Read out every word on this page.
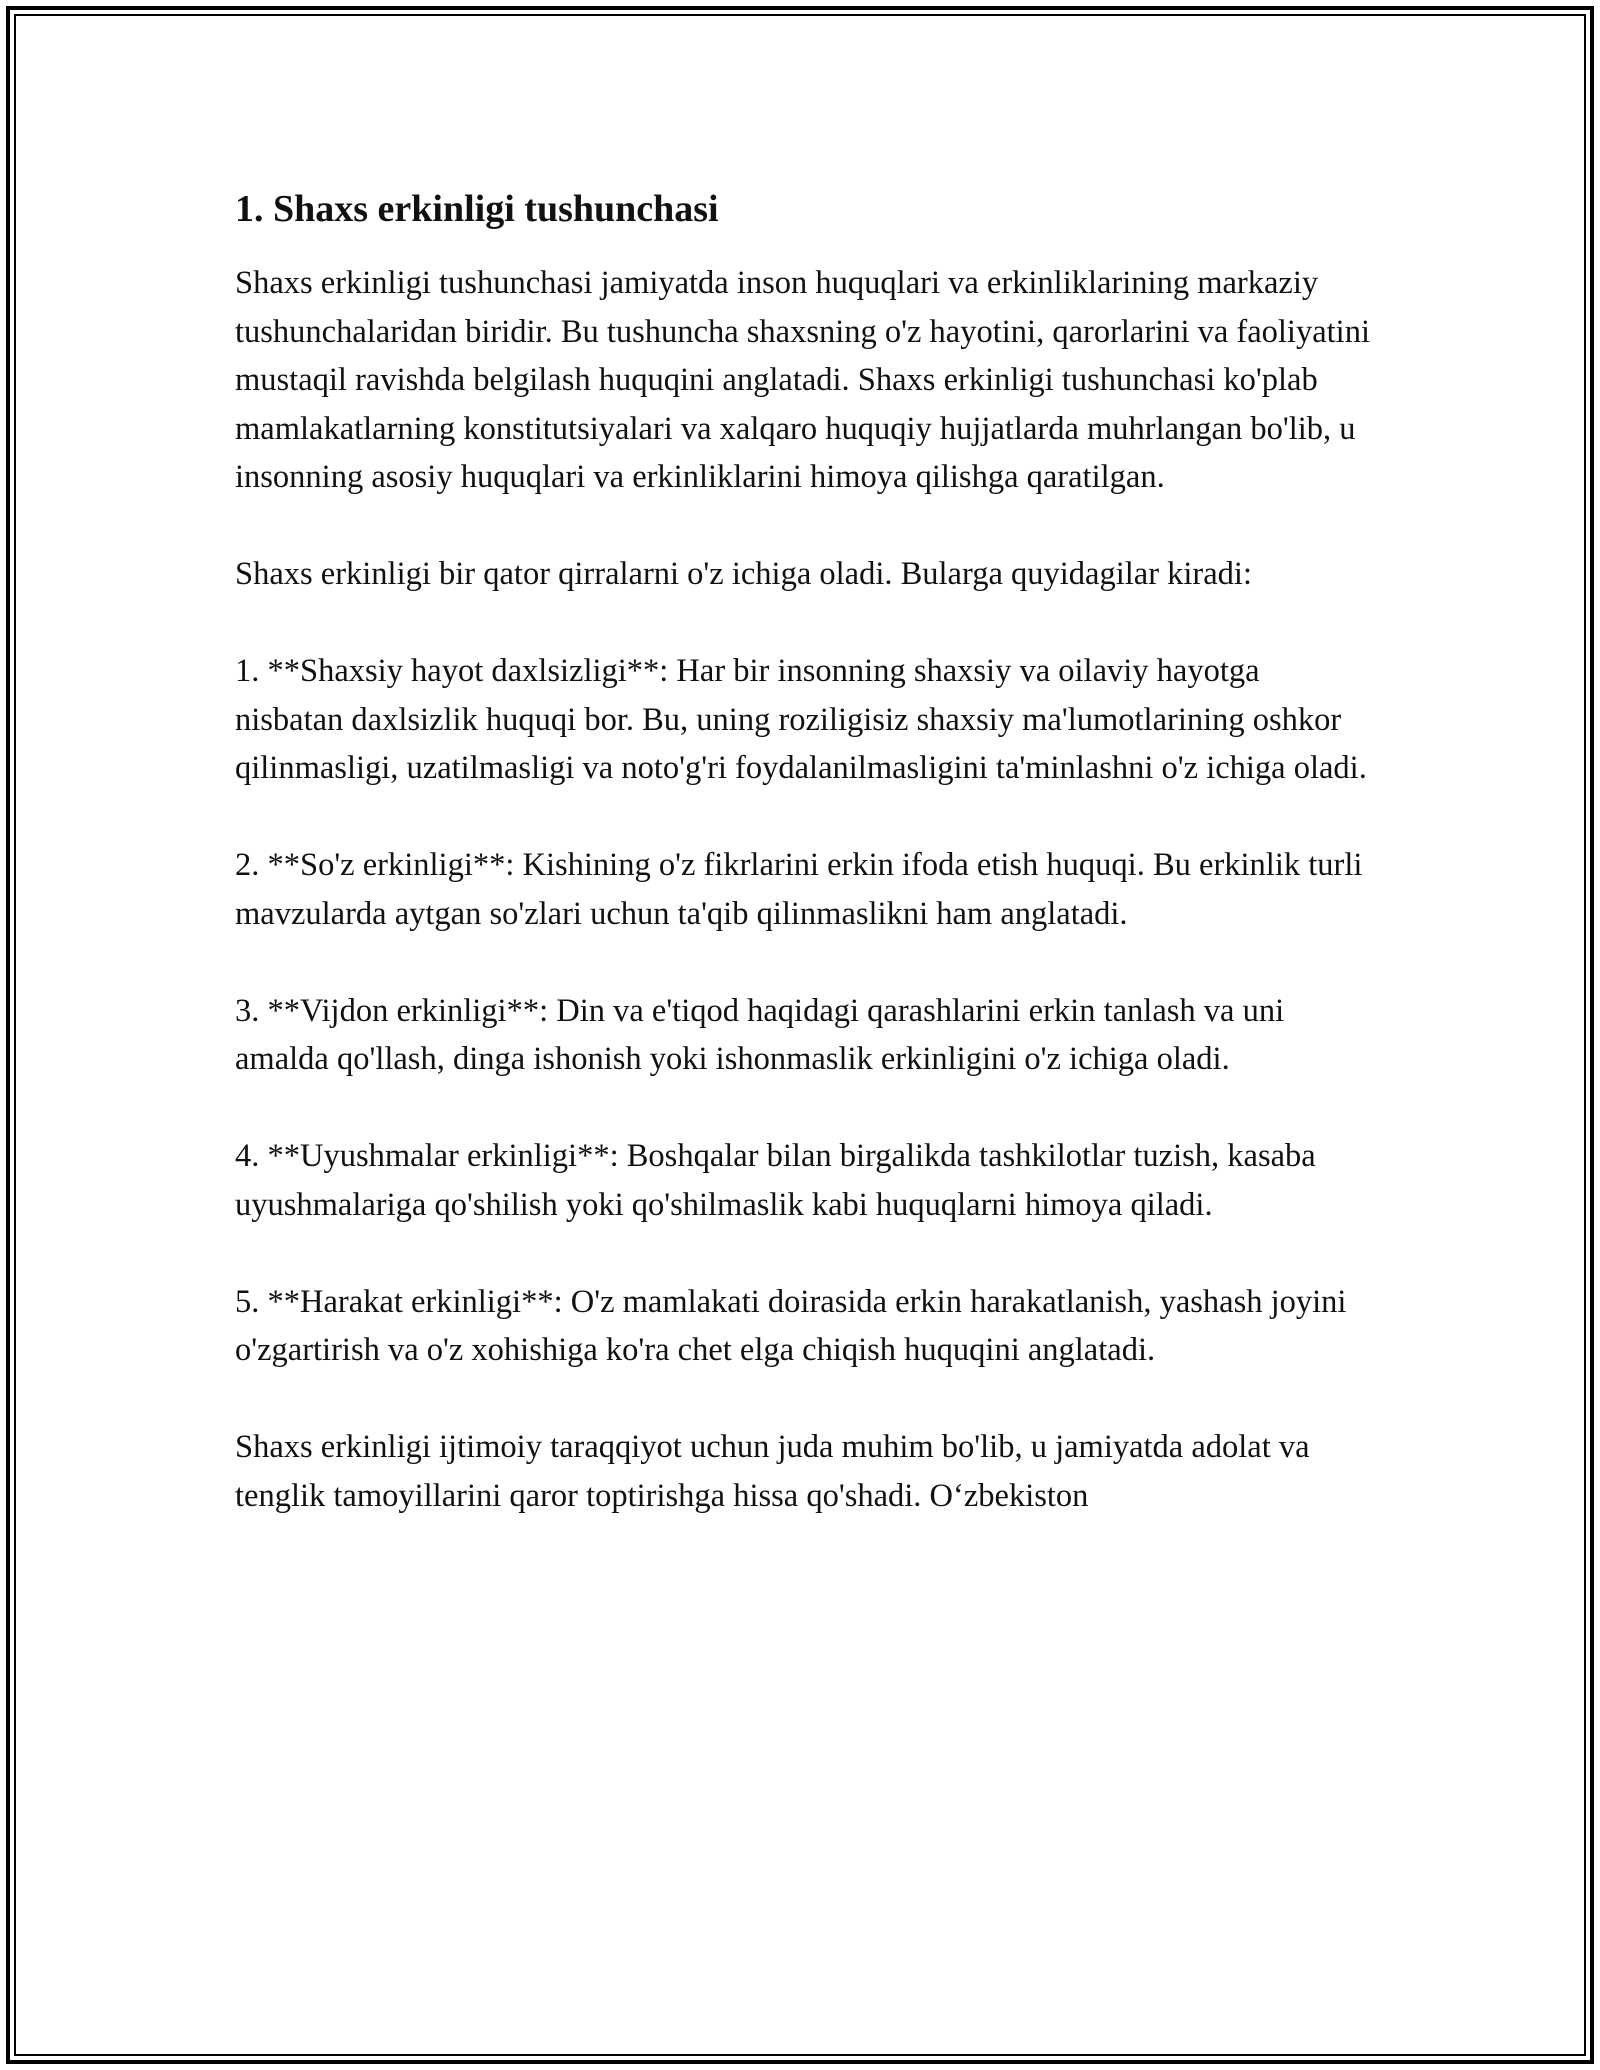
1. Shaxs erkinligi tushunchasi

Shaxs erkinligi tushunchasi jamiyatda inson huquqlari va erkinliklarining markaziy tushunchalaridan biridir. Bu tushuncha shaxsning o'z hayotini, qarorlarini va faoliyatini mustaqil ravishda belgilash huquqini anglatadi. Shaxs erkinligi tushunchasi ko'plab mamlakatlarning konstitutsiyalari va xalqaro huquqiy hujjatlarda muhrlangan bo'lib, u insonning asosiy huquqlari va erkinliklarini himoya qilishga qaratilgan.

Shaxs erkinligi bir qator qirralarni o'z ichiga oladi. Bularga quyidagilar kiradi:

1. **Shaxsiy hayot daxlsizligi**: Har bir insonning shaxsiy va oilaviy hayotga nisbatan daxlsizlik huquqi bor. Bu, uning roziligisiz shaxsiy ma'lumotlarining oshkor qilinmasligi, uzatilmasligi va noto'g'ri foydalanilmasligini ta'minlashni o'z ichiga oladi.

2. **So'z erkinligi**: Kishining o'z fikrlarini erkin ifoda etish huquqi. Bu erkinlik turli mavzularda aytgan so'zlari uchun ta'qib qilinmaslikni ham anglatadi.

3. **Vijdon erkinligi**: Din va e'tiqod haqidagi qarashlarini erkin tanlash va uni amalda qo'llash, dinga ishonish yoki ishonmaslik erkinligini o'z ichiga oladi.

4. **Uyushmalar erkinligi**: Boshqalar bilan birgalikda tashkilotlar tuzish, kasaba uyushmalariga qo'shilish yoki qo'shilmaslik kabi huquqlarni himoya qiladi.

5. **Harakat erkinligi**: O'z mamlakati doirasida erkin harakatlanish, yashash joyini o'zgartirish va o'z xohishiga ko'ra chet elga chiqish huquqini anglatadi.

Shaxs erkinligi ijtimoiy taraqqiyot uchun juda muhim bo'lib, u jamiyatda adolat va tenglik tamoyillarini qaror toptirishga hissa qo'shadi. O‘zbekiston
